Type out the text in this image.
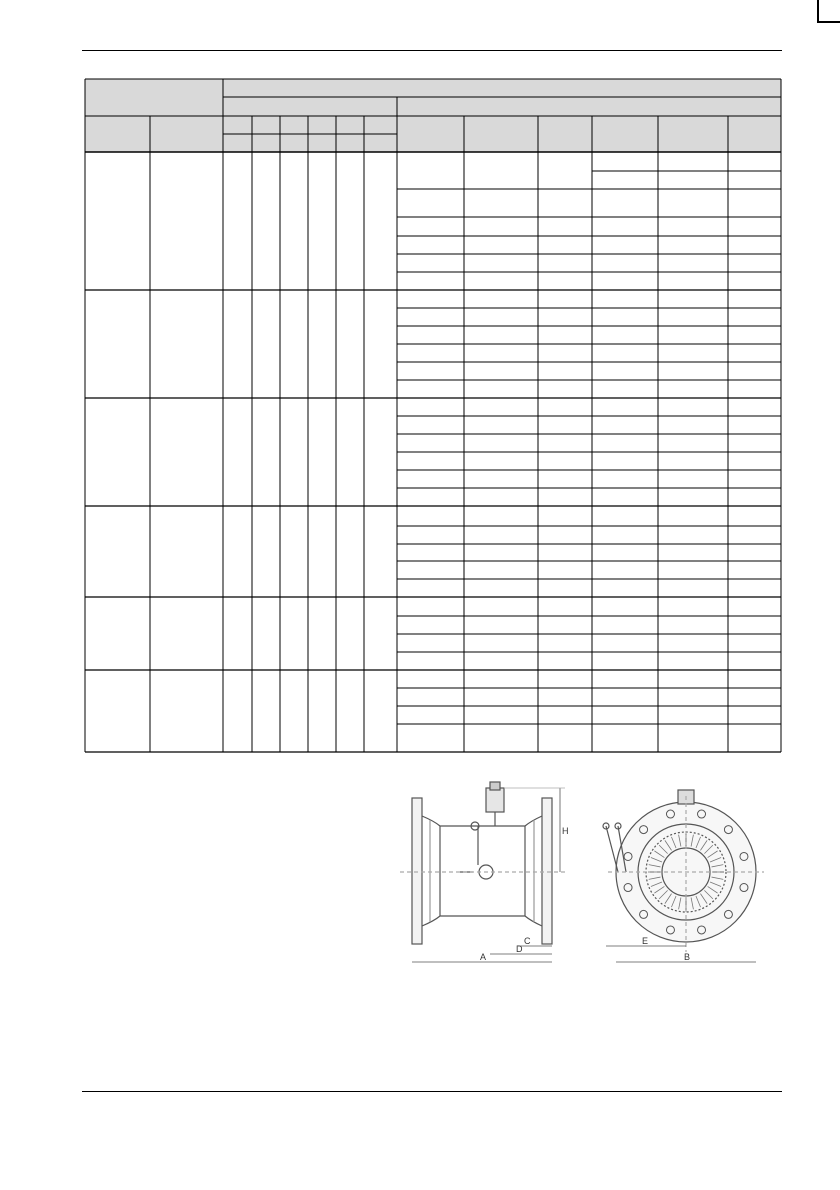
A
C
D
H
B
E
